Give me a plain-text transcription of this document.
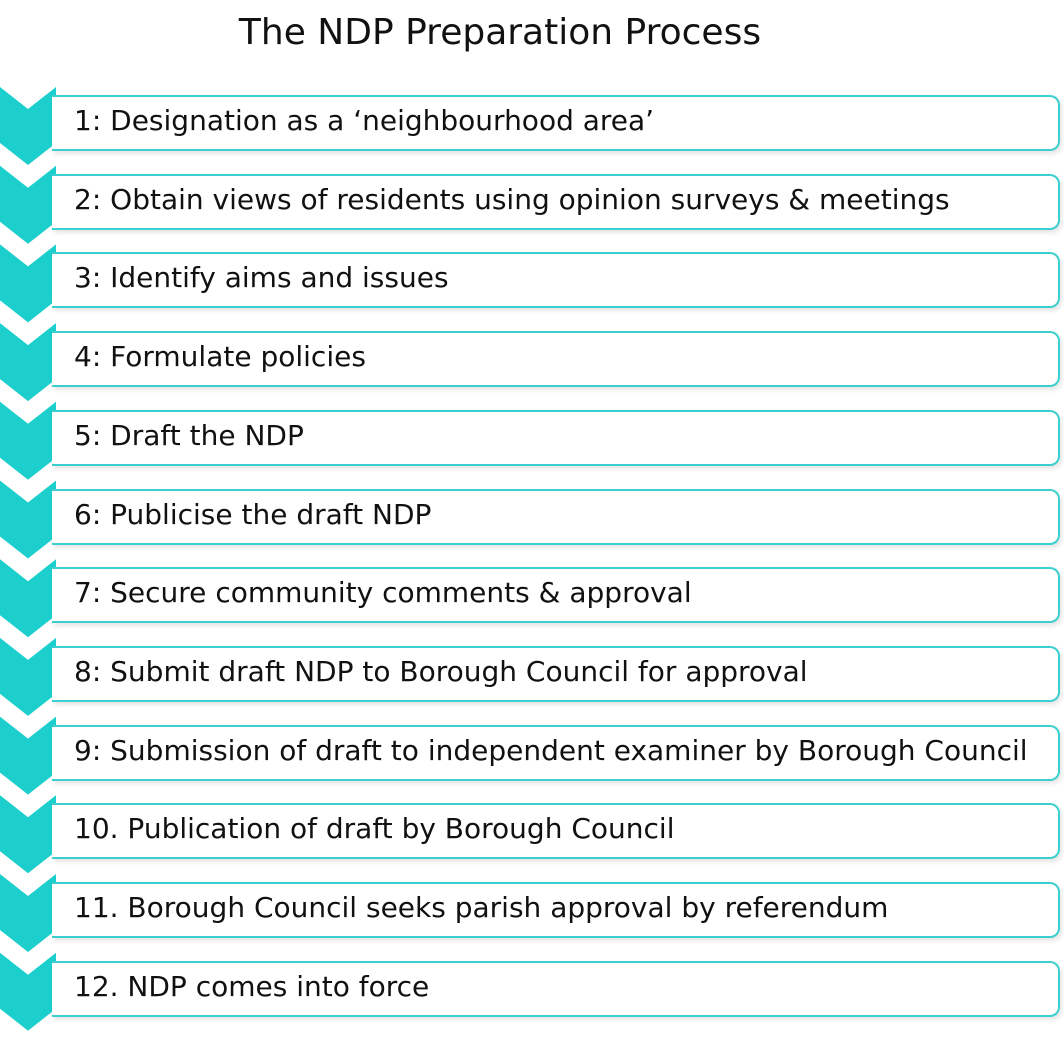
The NDP Preparation Process
1: Designation as a ‘neighbourhood area’
2: Obtain views of residents using opinion surveys & meetings
3: Identify aims and issues
4: Formulate policies
5: Draft the NDP
6: Publicise the draft NDP
7: Secure community comments & approval
8: Submit draft NDP to Borough Council for approval
9: Submission of draft to independent examiner by Borough Council
10. Publication of draft by Borough Council
11. Borough Council seeks parish approval by referendum
12. NDP comes into force
